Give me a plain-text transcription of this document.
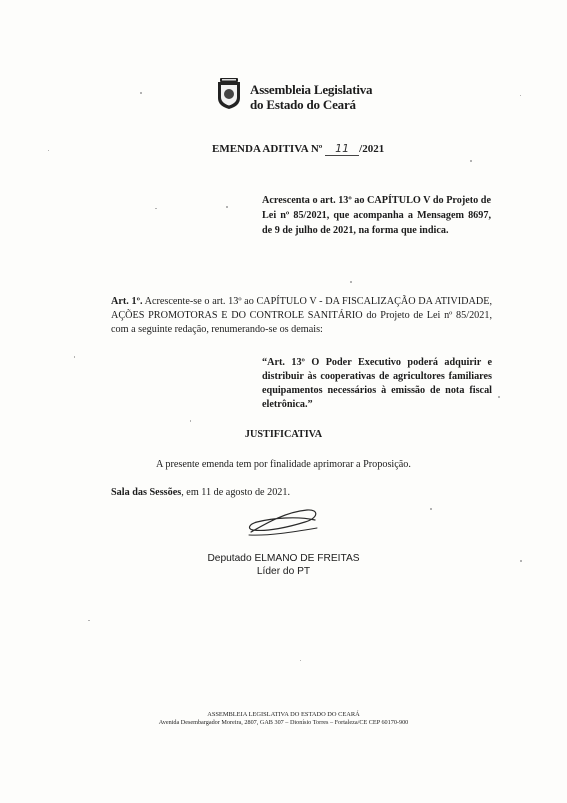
Assembleia Legislativa
do Estado do Ceará
EMENDA ADITIVA Nº 11 /2021
Acrescenta o art. 13º ao CAPÍTULO V do Projeto de Lei nº 85/2021, que acompanha a Mensagem 8697, de 9 de julho de 2021, na forma que indica.
Art. 1º. Acrescente-se o art. 13º ao CAPÍTULO V - DA FISCALIZAÇÃO DA ATIVIDADE, AÇÕES PROMOTORAS E DO CONTROLE SANITÁRIO do Projeto de Lei nº 85/2021, com a seguinte redação, renumerando-se os demais:
“Art. 13º O Poder Executivo poderá adquirir e distribuir às cooperativas de agricultores familiares equipamentos necessários à emissão de nota fiscal eletrônica.”
JUSTIFICATIVA
A presente emenda tem por finalidade aprimorar a Proposição.
Sala das Sessões, em 11 de agosto de 2021.
Deputado ELMANO DE FREITAS
Líder do PT
ASSEMBLEIA LEGISLATIVA DO ESTADO DO CEARÁ
Avenida Desembargador Moreira, 2807, GAB 307 – Dionísio Torres – Fortaleza/CE CEP 60170-900
